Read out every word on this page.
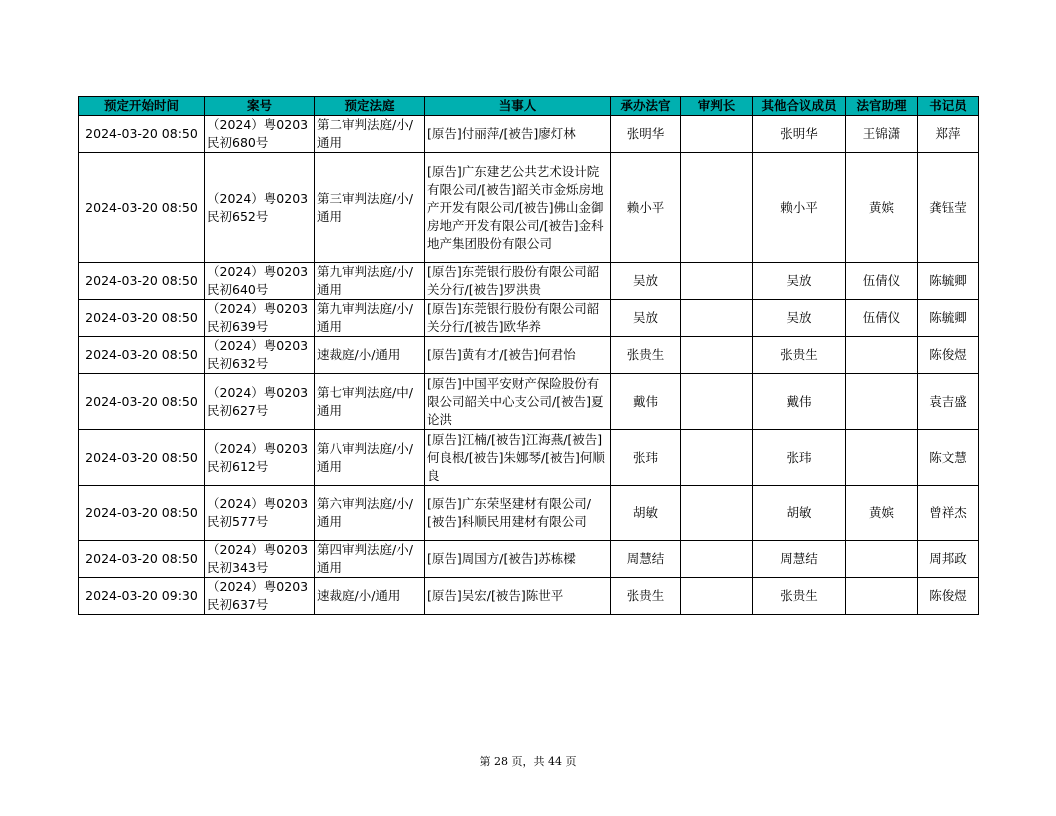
预定开始时间	案号	预定法庭	当事人	承办法官	审判长	其他合议成员	法官助理	书记员
2024-03-20 08:50	（2024）粤0203民初680号	第二审判法庭/小/通用	[原告]付丽萍/[被告]廖灯林	张明华		张明华	王锦潇	郑萍
2024-03-20 08:50	（2024）粤0203民初652号	第三审判法庭/小/通用	[原告]广东建艺公共艺术设计院有限公司/[被告]韶关市金烁房地产开发有限公司/[被告]佛山金御房地产开发有限公司/[被告]金科地产集团股份有限公司	赖小平		赖小平	黄嫔	龚钰莹
2024-03-20 08:50	（2024）粤0203民初640号	第九审判法庭/小/通用	[原告]东莞银行股份有限公司韶关分行/[被告]罗洪贵	吴放		吴放	伍倩仪	陈毓卿
2024-03-20 08:50	（2024）粤0203民初639号	第九审判法庭/小/通用	[原告]东莞银行股份有限公司韶关分行/[被告]欧华养	吴放		吴放	伍倩仪	陈毓卿
2024-03-20 08:50	（2024）粤0203民初632号	速裁庭/小/通用	[原告]黄有才/[被告]何君怡	张贵生		张贵生		陈俊煜
2024-03-20 08:50	（2024）粤0203民初627号	第七审判法庭/中/通用	[原告]中国平安财产保险股份有限公司韶关中心支公司/[被告]夏论洪	戴伟		戴伟		袁吉盛
2024-03-20 08:50	（2024）粤0203民初612号	第八审判法庭/小/通用	[原告]江楠/[被告]江海燕/[被告]何良根/[被告]朱娜琴/[被告]何顺良	张玮		张玮		陈文慧
2024-03-20 08:50	（2024）粤0203民初577号	第六审判法庭/小/通用	[原告]广东荣坚建材有限公司/[被告]科顺民用建材有限公司	胡敏		胡敏	黄嫔	曾祥杰
2024-03-20 08:50	（2024）粤0203民初343号	第四审判法庭/小/通用	[原告]周国方/[被告]苏栋樑	周慧结		周慧结		周邦政
2024-03-20 09:30	（2024）粤0203民初637号	速裁庭/小/通用	[原告]吴宏/[被告]陈世平	张贵生		张贵生		陈俊煜
第 28 页，共 44 页
